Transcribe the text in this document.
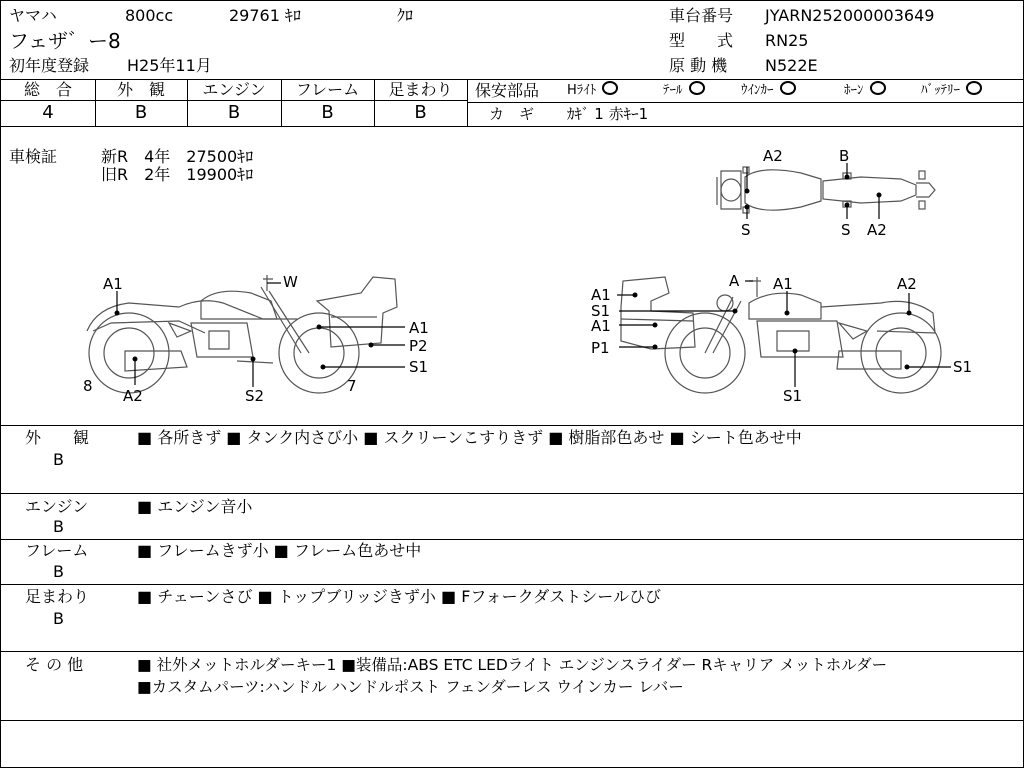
ヤマハ	800cc	29761 ｷﾛ	ｸﾛ
フェザ゛ー8
初年度登録 H25年11月
車台番号 JYARN252000003649
型　　式 RN25
原 動 機 N522E
総　合	外　観	エンジン	フレーム	足まわり
4	B	B	B	B
保安部品 Hﾗｲﾄ	ﾃｰﾙ	ｳｲﾝｶｰ	ﾎｰﾝ	ﾊﾞｯﾃﾘｰ
カ　ギ ｶｷﾞ 1 赤ｷｰ1
車検証	新R　4年　27500ｷﾛ
旧R　2年　19900ｷﾛ
A2	B
S	S A2
A1	W
A1
P2
S1
8
A2	S2
7
A A1
A1
A2
S1
A1
P1
S1
S1
外　　観
B
■ 各所きず ■ タンク内さび小 ■ スクリーンこすりきず ■ 樹脂部色あせ ■ シート色あせ中
エンジン
B
■ エンジン音小
フレーム
B
■ フレームきず小 ■ フレーム色あせ中
足まわり
B
■ チェーンさび ■ トップブリッジきず小 ■ Fフォークダストシールひび
そ の 他	■ 社外メットホルダーキー1 ■装備品:ABS ETC LEDライト エンジンスライダー Rキャリア メットホルダー
■カスタムパーツ:ハンドル ハンドルポスト フェンダーレス ウインカー レバー
